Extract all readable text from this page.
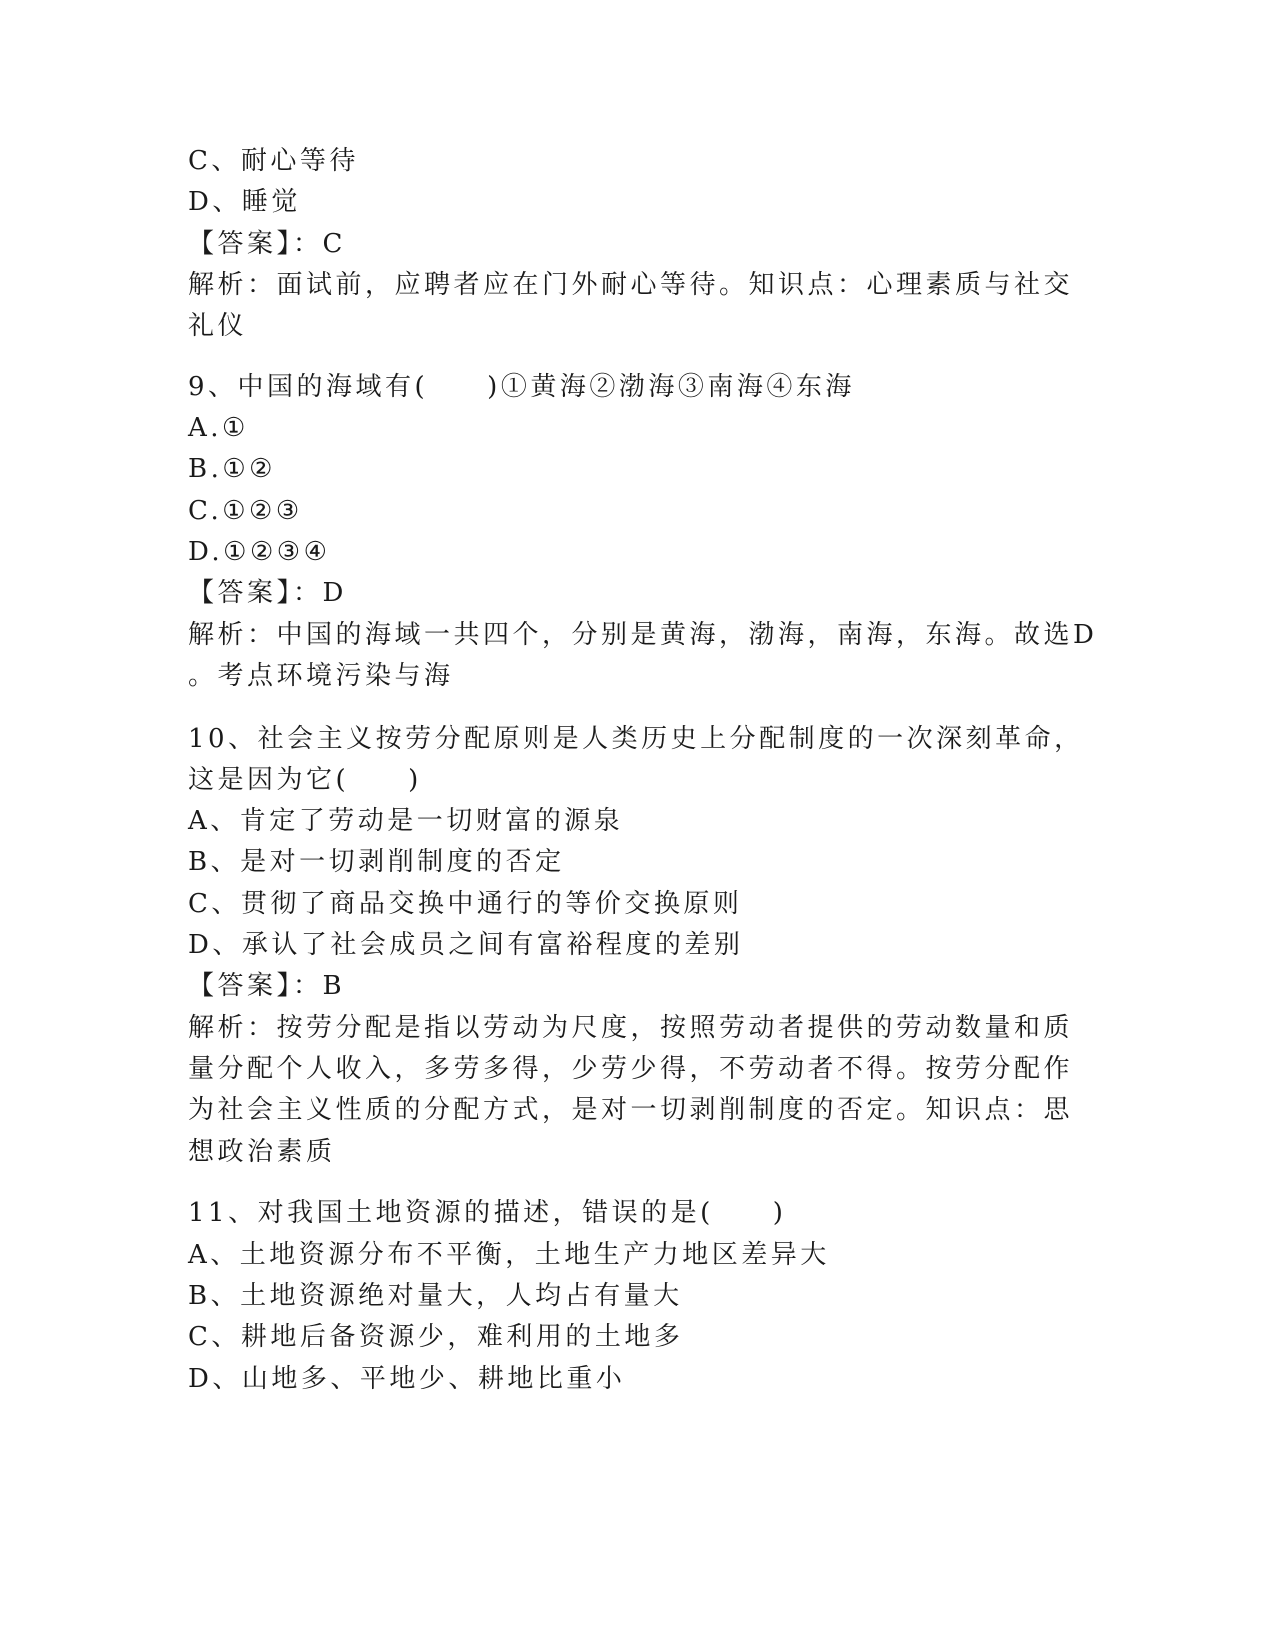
C、耐心等待
D、睡觉
【答案】：C
解析：面试前，应聘者应在门外耐心等待。知识点：心理素质与社交
礼仪
9、中国的海域有(　　)①黄海②渤海③南海④东海
A.①
B.①②
C.①②③
D.①②③④
【答案】：D
解析：中国的海域一共四个，分别是黄海，渤海，南海，东海。故选D
。考点环境污染与海
10、社会主义按劳分配原则是人类历史上分配制度的一次深刻革命，
这是因为它(　　)
A、肯定了劳动是一切财富的源泉
B、是对一切剥削制度的否定
C、贯彻了商品交换中通行的等价交换原则
D、承认了社会成员之间有富裕程度的差别
【答案】：B
解析：按劳分配是指以劳动为尺度，按照劳动者提供的劳动数量和质
量分配个人收入，多劳多得，少劳少得，不劳动者不得。按劳分配作
为社会主义性质的分配方式，是对一切剥削制度的否定。知识点：思
想政治素质
11、对我国土地资源的描述，错误的是(　　)
A、土地资源分布不平衡，土地生产力地区差异大
B、土地资源绝对量大，人均占有量大
C、耕地后备资源少，难利用的土地多
D、山地多、平地少、耕地比重小
